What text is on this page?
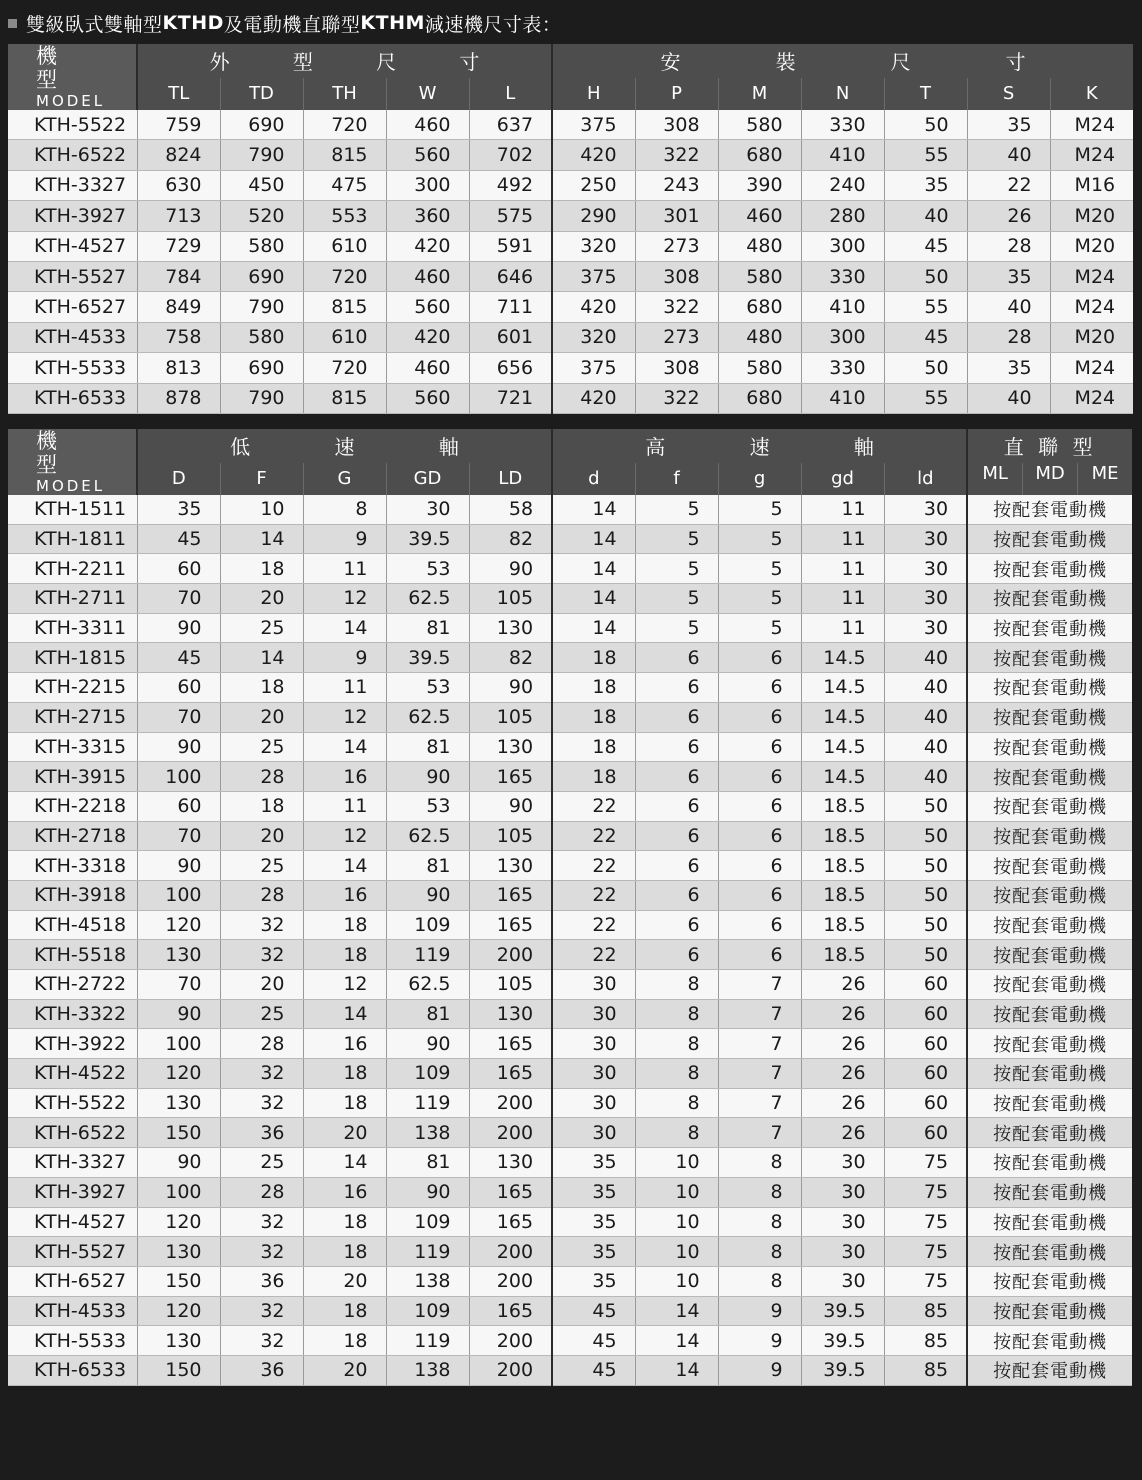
雙級臥式雙軸型 KTHD 及電動機直聯型 KTHM 減速機尺寸表：
機 型
MODEL	外 型 尺 寸					安 裝 尺 寸						

	TL	TD	TH	W	L	H	P	M	N	T	S	K
KTH-5522	759	690	720	460	637	375	308	580	330	50	35	M24
KTH-6522	824	790	815	560	702	420	322	680	410	55	40	M24
KTH-3327	630	450	475	300	492	250	243	390	240	35	22	M16
KTH-3927	713	520	553	360	575	290	301	460	280	40	26	M20
KTH-4527	729	580	610	420	591	320	273	480	300	45	28	M20
KTH-5527	784	690	720	460	646	375	308	580	330	50	35	M24
KTH-6527	849	790	815	560	711	420	322	680	410	55	40	M24
KTH-4533	758	580	610	420	601	320	273	480	300	45	28	M20
KTH-5533	813	690	720	460	656	375	308	580	330	50	35	M24
KTH-6533	878	790	815	560	721	420	322	680	410	55	40	M24
機 型
MODEL	低 速 軸					高 速 軸					直 聯 型
	D	F	G	GD	LD	d	f	g	gd	ld	ML MD ME

KTH-1511	35	10	8	30	58	14	5	5	11	30	按配套電動機
KTH-1811	45	14	9	39.5	82	14	5	5	11	30	按配套電動機
KTH-2211	60	18	11	53	90	14	5	5	11	30	按配套電動機
KTH-2711	70	20	12	62.5	105	14	5	5	11	30	按配套電動機
KTH-3311	90	25	14	81	130	14	5	5	11	30	按配套電動機
KTH-1815	45	14	9	39.5	82	18	6	6	14.5	40	按配套電動機
KTH-2215	60	18	11	53	90	18	6	6	14.5	40	按配套電動機
KTH-2715	70	20	12	62.5	105	18	6	6	14.5	40	按配套電動機
KTH-3315	90	25	14	81	130	18	6	6	14.5	40	按配套電動機
KTH-3915	100	28	16	90	165	18	6	6	14.5	40	按配套電動機
KTH-2218	60	18	11	53	90	22	6	6	18.5	50	按配套電動機
KTH-2718	70	20	12	62.5	105	22	6	6	18.5	50	按配套電動機
KTH-3318	90	25	14	81	130	22	6	6	18.5	50	按配套電動機
KTH-3918	100	28	16	90	165	22	6	6	18.5	50	按配套電動機
KTH-4518	120	32	18	109	165	22	6	6	18.5	50	按配套電動機
KTH-5518	130	32	18	119	200	22	6	6	18.5	50	按配套電動機
KTH-2722	70	20	12	62.5	105	30	8	7	26	60	按配套電動機
KTH-3322	90	25	14	81	130	30	8	7	26	60	按配套電動機
KTH-3922	100	28	16	90	165	30	8	7	26	60	按配套電動機
KTH-4522	120	32	18	109	165	30	8	7	26	60	按配套電動機
KTH-5522	130	32	18	119	200	30	8	7	26	60	按配套電動機
KTH-6522	150	36	20	138	200	30	8	7	26	60	按配套電動機
KTH-3327	90	25	14	81	130	35	10	8	30	75	按配套電動機
KTH-3927	100	28	16	90	165	35	10	8	30	75	按配套電動機
KTH-4527	120	32	18	109	165	35	10	8	30	75	按配套電動機
KTH-5527	130	32	18	119	200	35	10	8	30	75	按配套電動機
KTH-6527	150	36	20	138	200	35	10	8	30	75	按配套電動機
KTH-4533	120	32	18	109	165	45	14	9	39.5	85	按配套電動機
KTH-5533	130	32	18	119	200	45	14	9	39.5	85	按配套電動機
KTH-6533	150	36	20	138	200	45	14	9	39.5	85	按配套電動機
